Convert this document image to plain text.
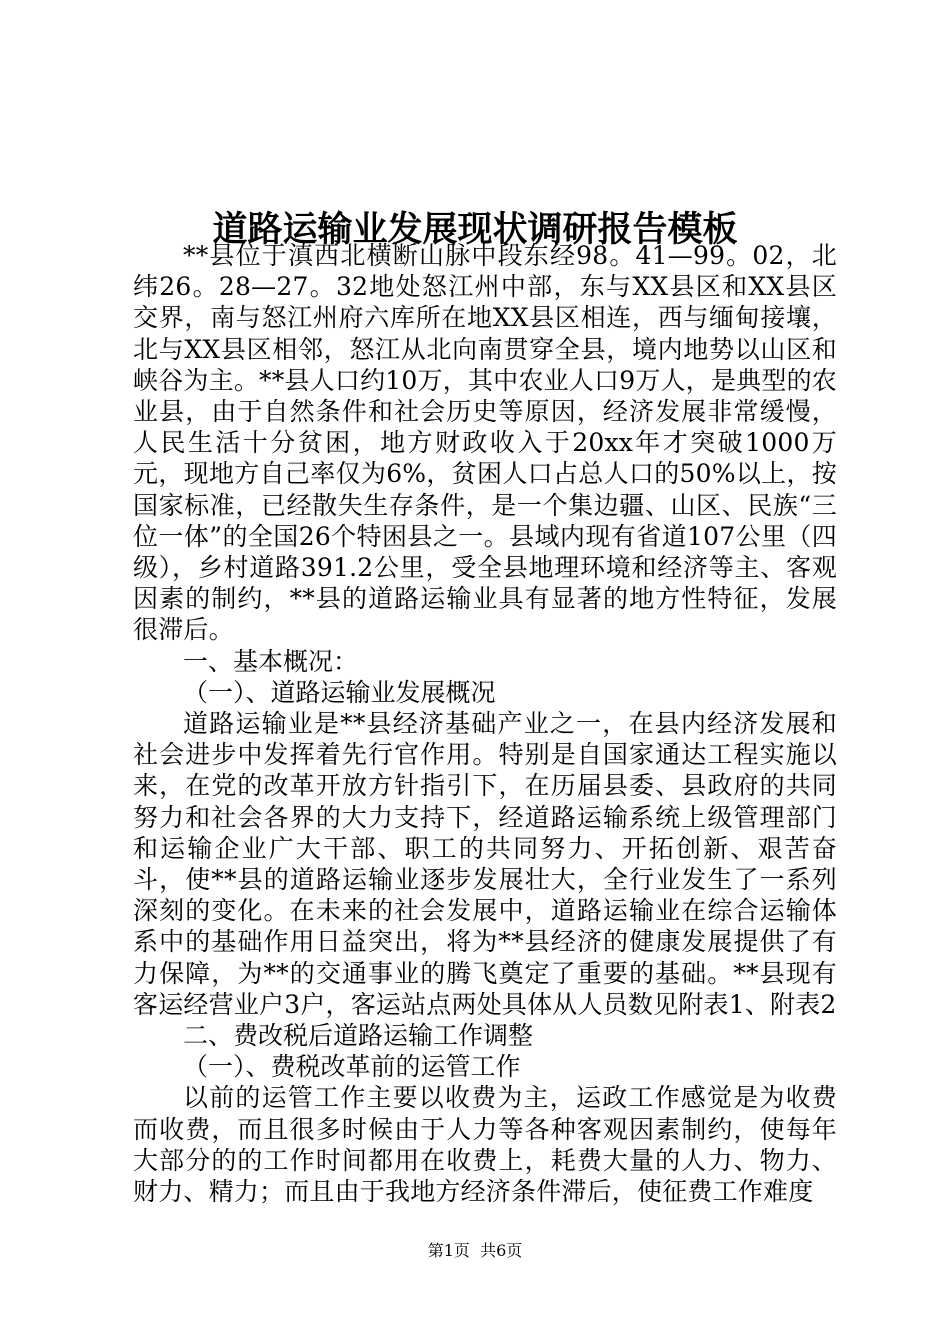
道路运输业发展现状调研报告模板

**县位于滇西北横断山脉中段东经98。41—99。02，北纬26。28—27。32地处怒江州中部，东与XX县区和XX县区交界，南与怒江州府六库所在地XX县区相连，西与缅甸接壤，北与XX县区相邻，怒江从北向南贯穿全县，境内地势以山区和峡谷为主。**县人口约10万，其中农业人口9万人，是典型的农业县，由于自然条件和社会历史等原因，经济发展非常缓慢，人民生活十分贫困，地方财政收入于20xx年才突破1000万元，现地方自己率仅为6%，贫困人口占总人口的50%以上，按国家标准，已经散失生存条件，是一个集边疆、山区、民族“三位一体”的全国26个特困县之一。县域内现有省道107公里（四级），乡村道路391.2公里，受全县地理环境和经济等主、客观因素的制约，**县的道路运输业具有显著的地方性特征，发展很滞后。

一、基本概况：

（一）、道路运输业发展概况

道路运输业是**县经济基础产业之一，在县内经济发展和社会进步中发挥着先行官作用。特别是自国家通达工程实施以来，在党的改革开放方针指引下，在历届县委、县政府的共同努力和社会各界的大力支持下，经道路运输系统上级管理部门和运输企业广大干部、职工的共同努力、开拓创新、艰苦奋斗，使**县的道路运输业逐步发展壮大，全行业发生了一系列深刻的变化。在未来的社会发展中，道路运输业在综合运输体系中的基础作用日益突出，将为**县经济的健康发展提供了有力保障，为**的交通事业的腾飞奠定了重要的基础。**县现有客运经营业户3户，客运站点两处具体从人员数见附表1、附表2

二、费改税后道路运输工作调整

（一）、费税改革前的运管工作

以前的运管工作主要以收费为主，运政工作感觉是为收费而收费，而且很多时候由于人力等各种客观因素制约，使每年大部分的的工作时间都用在收费上，耗费大量的人力、物力、财力、精力；而且由于我地方经济条件滞后，使征费工作难度

第1页  共6页
